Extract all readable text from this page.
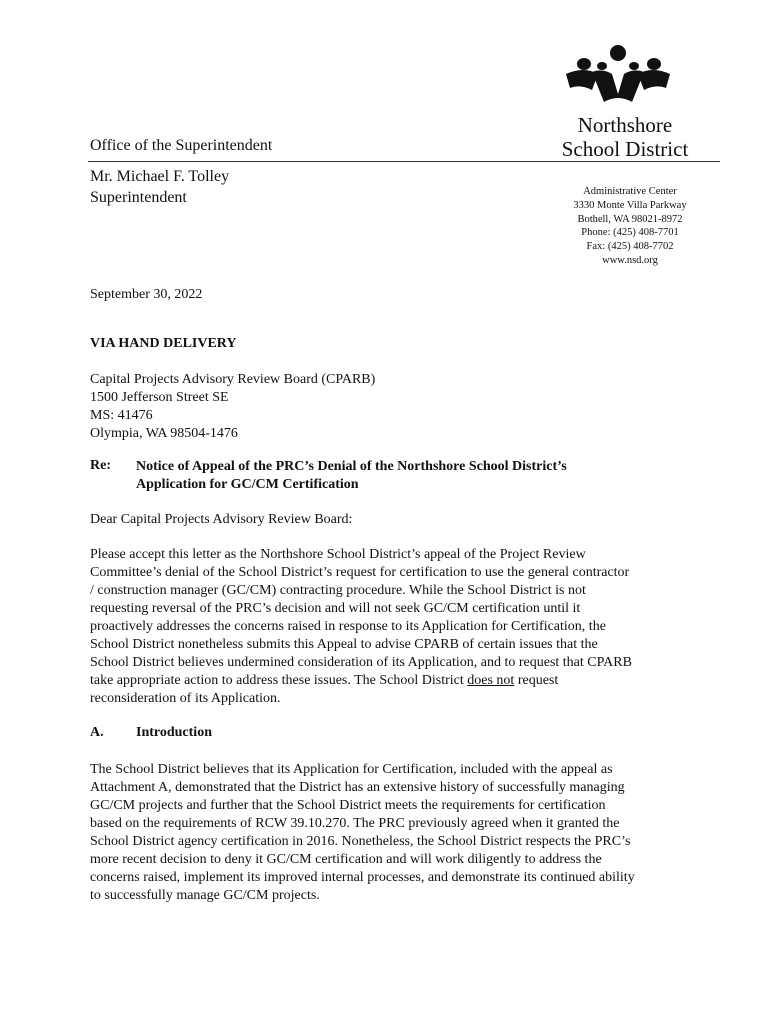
Northshore
School District
Office of the Superintendent
Mr. Michael F. Tolley
Superintendent	Administrative Center
3330 Monte Villa Parkway
Bothell, WA 98021-8972
Phone: (425) 408-7701
Fax: (425) 408-7702
www.nsd.org
September 30, 2022
VIA HAND DELIVERY
Capital Projects Advisory Review Board (CPARB)
1500 Jefferson Street SE
MS: 41476
Olympia, WA 98504-1476
Re: Notice of Appeal of the PRC’s Denial of the Northshore School District’s
Application for GC/CM Certification
Dear Capital Projects Advisory Review Board:
Please accept this letter as the Northshore School District’s appeal of the Project Review
Committee’s denial of the School District’s request for certification to use the general contractor
/ construction manager (GC/CM) contracting procedure. While the School District is not
requesting reversal of the PRC’s decision and will not seek GC/CM certification until it
proactively addresses the concerns raised in response to its Application for Certification, the
School District nonetheless submits this Appeal to advise CPARB of certain issues that the
School District believes undermined consideration of its Application, and to request that CPARB
take appropriate action to address these issues. The School District does not request
reconsideration of its Application.
A. Introduction
The School District believes that its Application for Certification, included with the appeal as
Attachment A, demonstrated that the District has an extensive history of successfully managing
GC/CM projects and further that the School District meets the requirements for certification
based on the requirements of RCW 39.10.270. The PRC previously agreed when it granted the
School District agency certification in 2016. Nonetheless, the School District respects the PRC’s
more recent decision to deny it GC/CM certification and will work diligently to address the
concerns raised, implement its improved internal processes, and demonstrate its continued ability
to successfully manage GC/CM projects.
